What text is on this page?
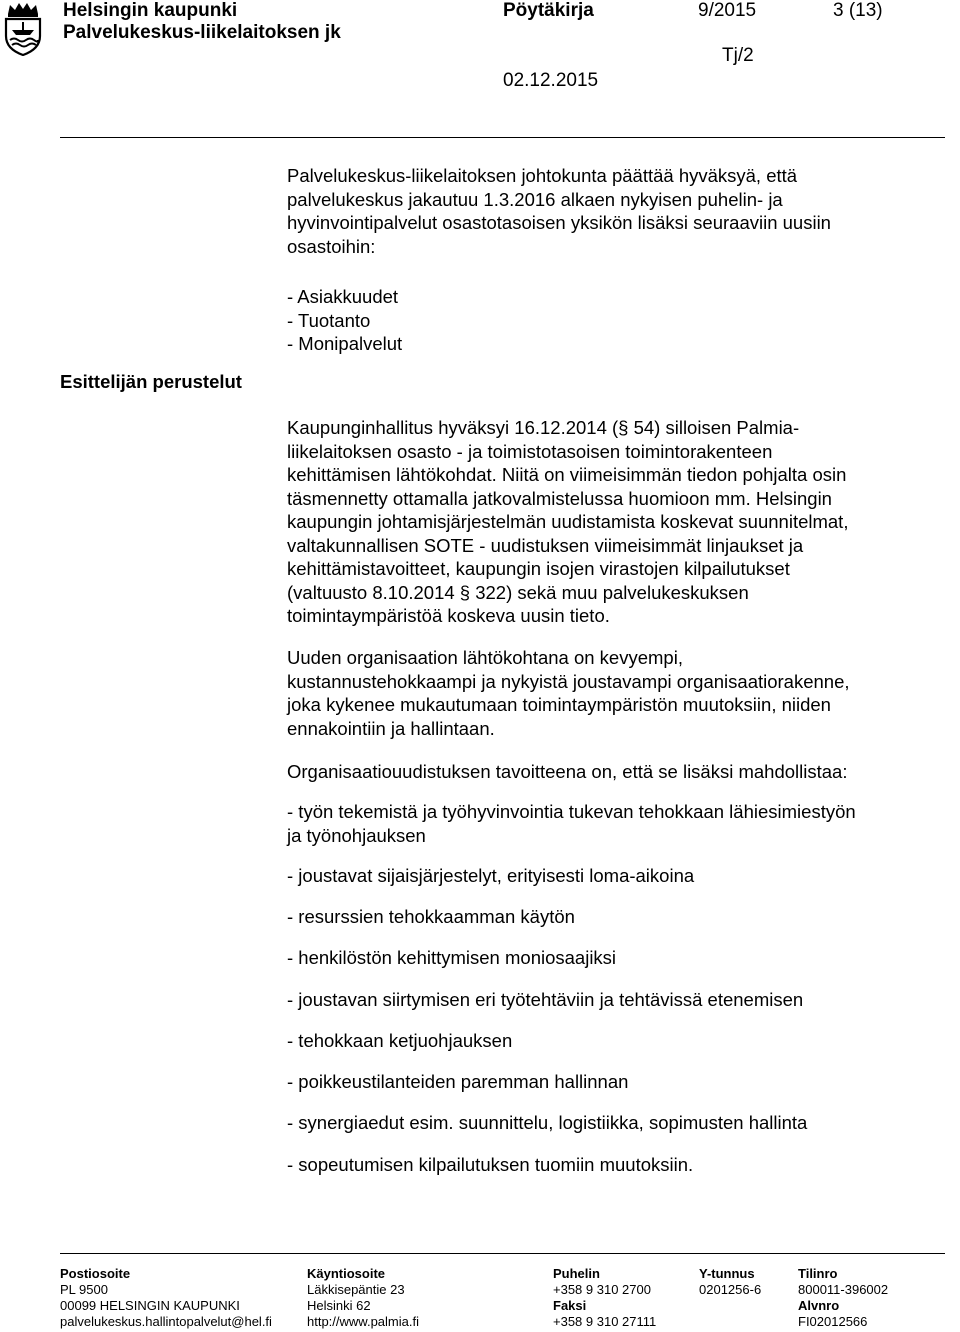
Helsingin kaupunki
Palvelukeskus-liikelaitoksen jk
Pöytäkirja	9/2015	3 (13)
Tj/2
02.12.2015

Palvelukeskus-liikelaitoksen johtokunta päättää hyväksyä, että

palvelukeskus jakautuu 1.3.2016 alkaen nykyisen puhelin- ja

hyvinvointipalvelut osastotasoisen yksikön lisäksi seuraaviin uusiin

osastoihin:

- Asiakkuudet

- Tuotanto

- Monipalvelut

Esittelijän perustelut

Kaupunginhallitus hyväksyi 16.12.2014 (§ 54) silloisen Palmia-

liikelaitoksen osasto - ja toimistotasoisen toimintorakenteen

kehittämisen lähtökohdat. Niitä on viimeisimmän tiedon pohjalta osin

täsmennetty ottamalla jatkovalmistelussa huomioon mm. Helsingin

kaupungin johtamisjärjestelmän uudistamista koskevat suunnitelmat,

valtakunnallisen SOTE - uudistuksen viimeisimmät linjaukset ja

kehittämistavoitteet, kaupungin isojen virastojen kilpailutukset

(valtuusto 8.10.2014 § 322) sekä muu palvelukeskuksen

toimintaympäristöä koskeva uusin tieto.

Uuden organisaation lähtökohtana on kevyempi,

kustannustehokkaampi ja nykyistä joustavampi organisaatiorakenne,

joka kykenee mukautumaan toimintaympäristön muutoksiin, niiden

ennakointiin ja hallintaan.

Organisaatiouudistuksen tavoitteena on, että se lisäksi mahdollistaa:

- työn tekemistä ja työhyvinvointia tukevan tehokkaan lähiesimiestyön

ja työnohjauksen

- joustavat sijaisjärjestelyt, erityisesti loma-aikoina

- resurssien tehokkaamman käytön

- henkilöstön kehittymisen moniosaajiksi

- joustavan siirtymisen eri työtehtäviin ja tehtävissä etenemisen

- tehokkaan ketjuohjauksen

- poikkeustilanteiden paremman hallinnan

- synergiaedut esim. suunnittelu, logistiikka, sopimusten hallinta

- sopeutumisen kilpailutuksen tuomiin muutoksiin.

Postiosoite
PL 9500
00099 HELSINGIN KAUPUNKI
palvelukeskus.hallintopalvelut@hel.fi
Käyntiosoite
Läkkisepäntie 23
Helsinki 62
http://www.palmia.fi
Puhelin
+358 9 310 2700
Faksi
+358 9 310 27111
Y-tunnus
0201256-6
Tilinro
800011-396002
Alvnro
FI02012566
